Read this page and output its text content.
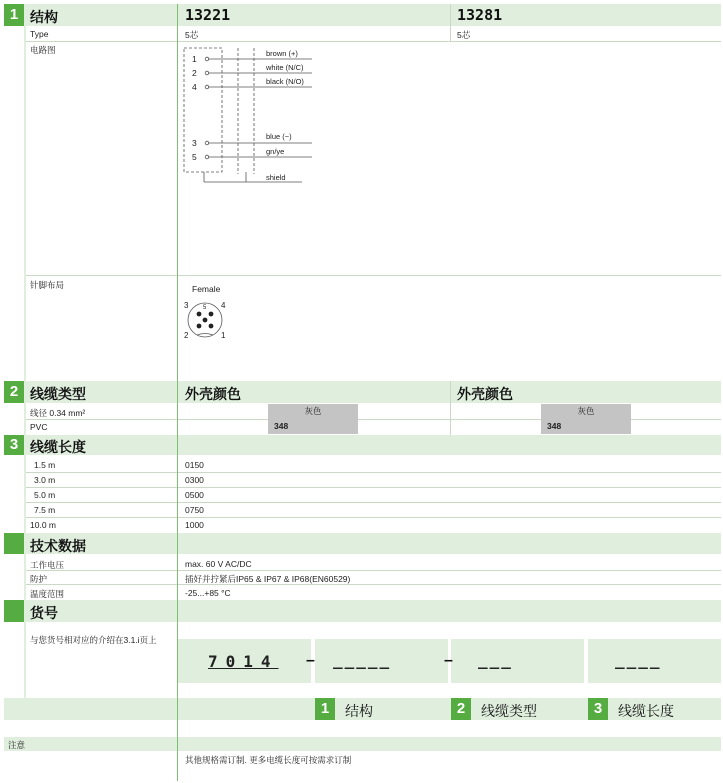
1 结构	13221	13281
Type	5芯	5芯
电路图
1
2
4
3
5
brown (+)
white (N/C)
black (N/O)
blue (−)
gn/ye
shield
针脚布局	Female
3	4
2	1
5
2 线缆类型	外壳颜色	外壳颜色
线径 0.34 mm²	灰色	灰色
PVC	348	348
3 线缆长度
1.5 m	0150
3.0 m	0300
5.0 m	0500
7.5 m	0750
10.0 m	1000
技术数据
工作电压	max. 60 V AC/DC
防护	插好并拧紧后IP65 & IP67 & IP68(EN60529)
温度范围	-25...+85 °C
货号
与您货号相对应的介绍在3.1.i页上
7014 – _____	– ___	____
1	结构	2	线缆类型	3	线缆长度
注意
其他规格需订制. 更多电缆长度可按需求订制
